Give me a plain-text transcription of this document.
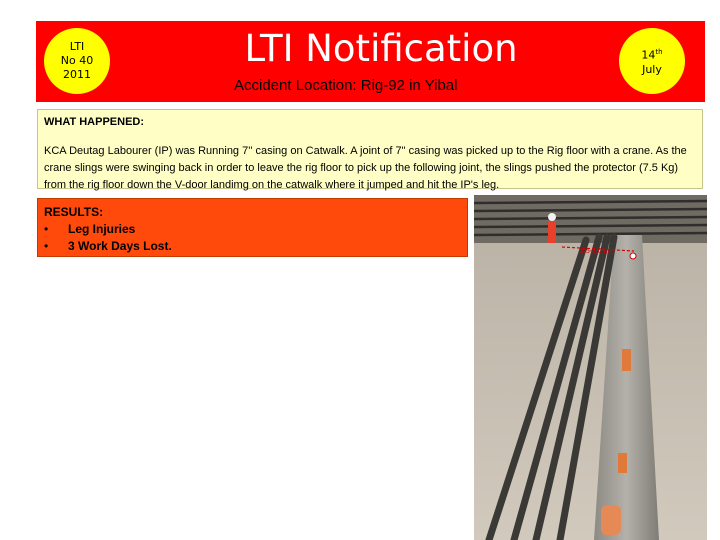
LTI
No 40
2011
LTI Notification
Accident Location: Rig-92 in Yibal
14th
July
WHAT HAPPENED:
KCA Deutag Labourer (IP) was Running 7'' casing on Catwalk. A joint of 7" casing was picked up to the Rig floor with a crane. As the crane slings were swinging back in order to leave the rig floor to pick up the following joint, the slings pushed the protector (7.5 Kg) from the rig floor down the V-door landimg on the catwalk where it jumped and hit the IP's leg.
RESULTS:
•	Leg Injuries
•	3 Work Days Lost.	2.5-3.0 m
